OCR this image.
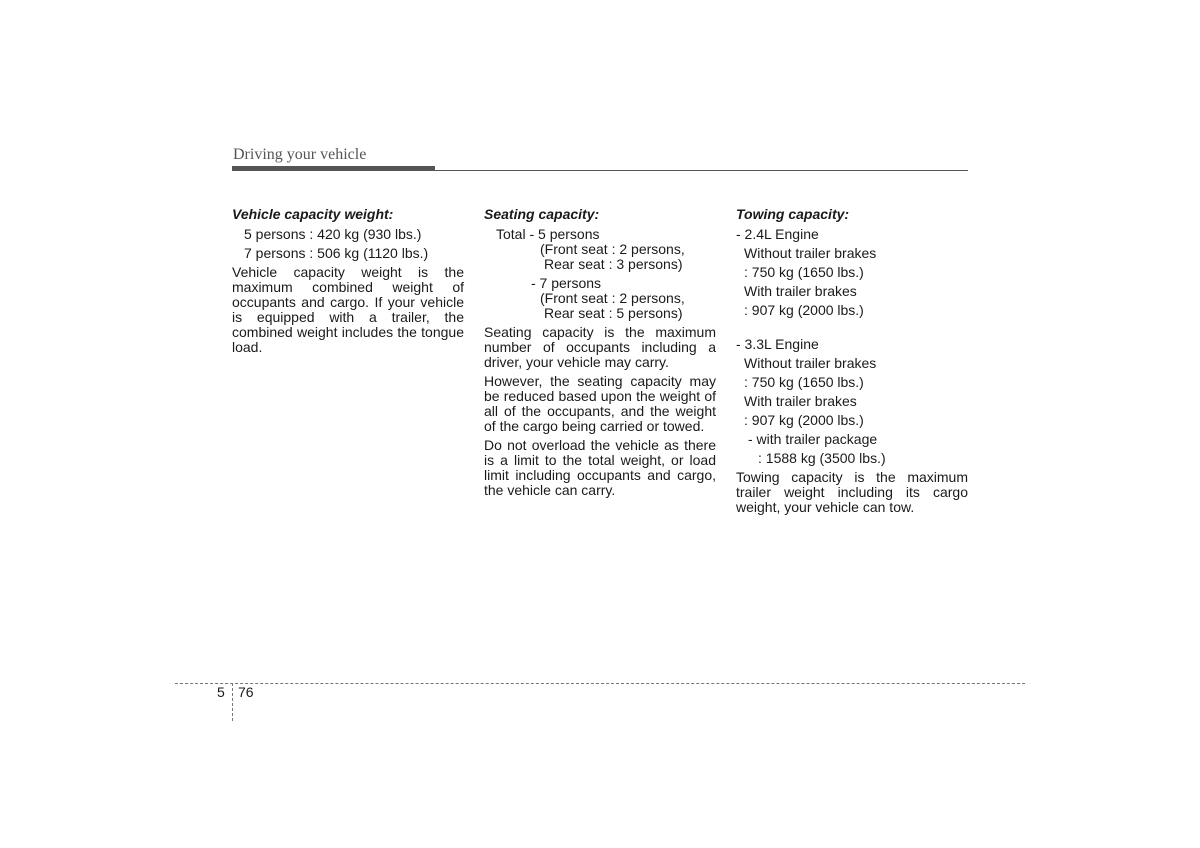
Driving your vehicle
Vehicle capacity weight:
5 persons : 420 kg (930 lbs.)
7 persons : 506 kg (1120 lbs.)
Vehicle capacity weight is the maximum combined weight of occupants and cargo. If your vehicle is equipped with a trailer, the combined weight includes the tongue load.
Seating capacity:
Total - 5 persons
(Front seat : 2 persons,
Rear seat : 3 persons)
- 7 persons
(Front seat : 2 persons,
Rear seat : 5 persons)
Seating capacity is the maximum number of occupants including a driver, your vehicle may carry.
However, the seating capacity may be reduced based upon the weight of all of the occupants, and the weight of the cargo being carried or towed.
Do not overload the vehicle as there is a limit to the total weight, or load limit including occupants and cargo, the vehicle can carry.
Towing capacity:
- 2.4L Engine
Without trailer brakes
: 750 kg (1650 lbs.)
With trailer brakes
: 907 kg (2000 lbs.)
- 3.3L Engine
Without trailer brakes
: 750 kg (1650 lbs.)
With trailer brakes
: 907 kg (2000 lbs.)
- with trailer package
: 1588 kg (3500 lbs.)
Towing capacity is the maximum trailer weight including its cargo weight, your vehicle can tow.
5 76
